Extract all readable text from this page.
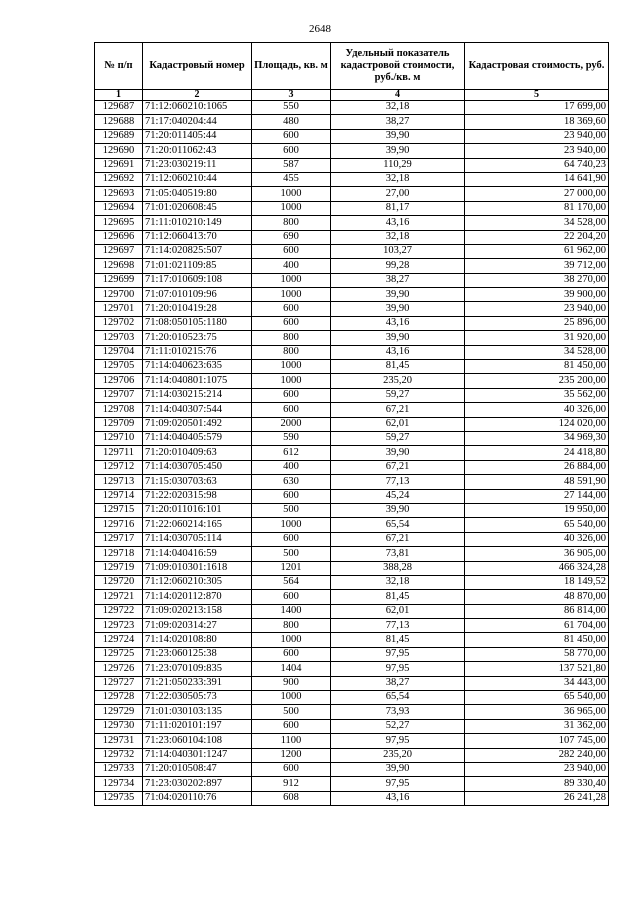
2648
№ п/п	Кадастровый номер	Площадь, кв. м	Удельный показатель кадастровой стоимости, руб./кв. м	Кадастровая стоимость, руб.
1	2	3	4	5
129687	71:12:060210:1065	550	32,18	17 699,00
129688	71:17:040204:44	480	38,27	18 369,60
129689	71:20:011405:44	600	39,90	23 940,00
129690	71:20:011062:43	600	39,90	23 940,00
129691	71:23:030219:11	587	110,29	64 740,23
129692	71:12:060210:44	455	32,18	14 641,90
129693	71:05:040519:80	1000	27,00	27 000,00
129694	71:01:020608:45	1000	81,17	81 170,00
129695	71:11:010210:149	800	43,16	34 528,00
129696	71:12:060413:70	690	32,18	22 204,20
129697	71:14:020825:507	600	103,27	61 962,00
129698	71:01:021109:85	400	99,28	39 712,00
129699	71:17:010609:108	1000	38,27	38 270,00
129700	71:07:010109:96	1000	39,90	39 900,00
129701	71:20:010419:28	600	39,90	23 940,00
129702	71:08:050105:1180	600	43,16	25 896,00
129703	71:20:010523:75	800	39,90	31 920,00
129704	71:11:010215:76	800	43,16	34 528,00
129705	71:14:040623:635	1000	81,45	81 450,00
129706	71:14:040801:1075	1000	235,20	235 200,00
129707	71:14:030215:214	600	59,27	35 562,00
129708	71:14:040307:544	600	67,21	40 326,00
129709	71:09:020501:492	2000	62,01	124 020,00
129710	71:14:040405:579	590	59,27	34 969,30
129711	71:20:010409:63	612	39,90	24 418,80
129712	71:14:030705:450	400	67,21	26 884,00
129713	71:15:030703:63	630	77,13	48 591,90
129714	71:22:020315:98	600	45,24	27 144,00
129715	71:20:011016:101	500	39,90	19 950,00
129716	71:22:060214:165	1000	65,54	65 540,00
129717	71:14:030705:114	600	67,21	40 326,00
129718	71:14:040416:59	500	73,81	36 905,00
129719	71:09:010301:1618	1201	388,28	466 324,28
129720	71:12:060210:305	564	32,18	18 149,52
129721	71:14:020112:870	600	81,45	48 870,00
129722	71:09:020213:158	1400	62,01	86 814,00
129723	71:09:020314:27	800	77,13	61 704,00
129724	71:14:020108:80	1000	81,45	81 450,00
129725	71:23:060125:38	600	97,95	58 770,00
129726	71:23:070109:835	1404	97,95	137 521,80
129727	71:21:050233:391	900	38,27	34 443,00
129728	71:22:030505:73	1000	65,54	65 540,00
129729	71:01:030103:135	500	73,93	36 965,00
129730	71:11:020101:197	600	52,27	31 362,00
129731	71:23:060104:108	1100	97,95	107 745,00
129732	71:14:040301:1247	1200	235,20	282 240,00
129733	71:20:010508:47	600	39,90	23 940,00
129734	71:23:030202:897	912	97,95	89 330,40
129735	71:04:020110:76	608	43,16	26 241,28
